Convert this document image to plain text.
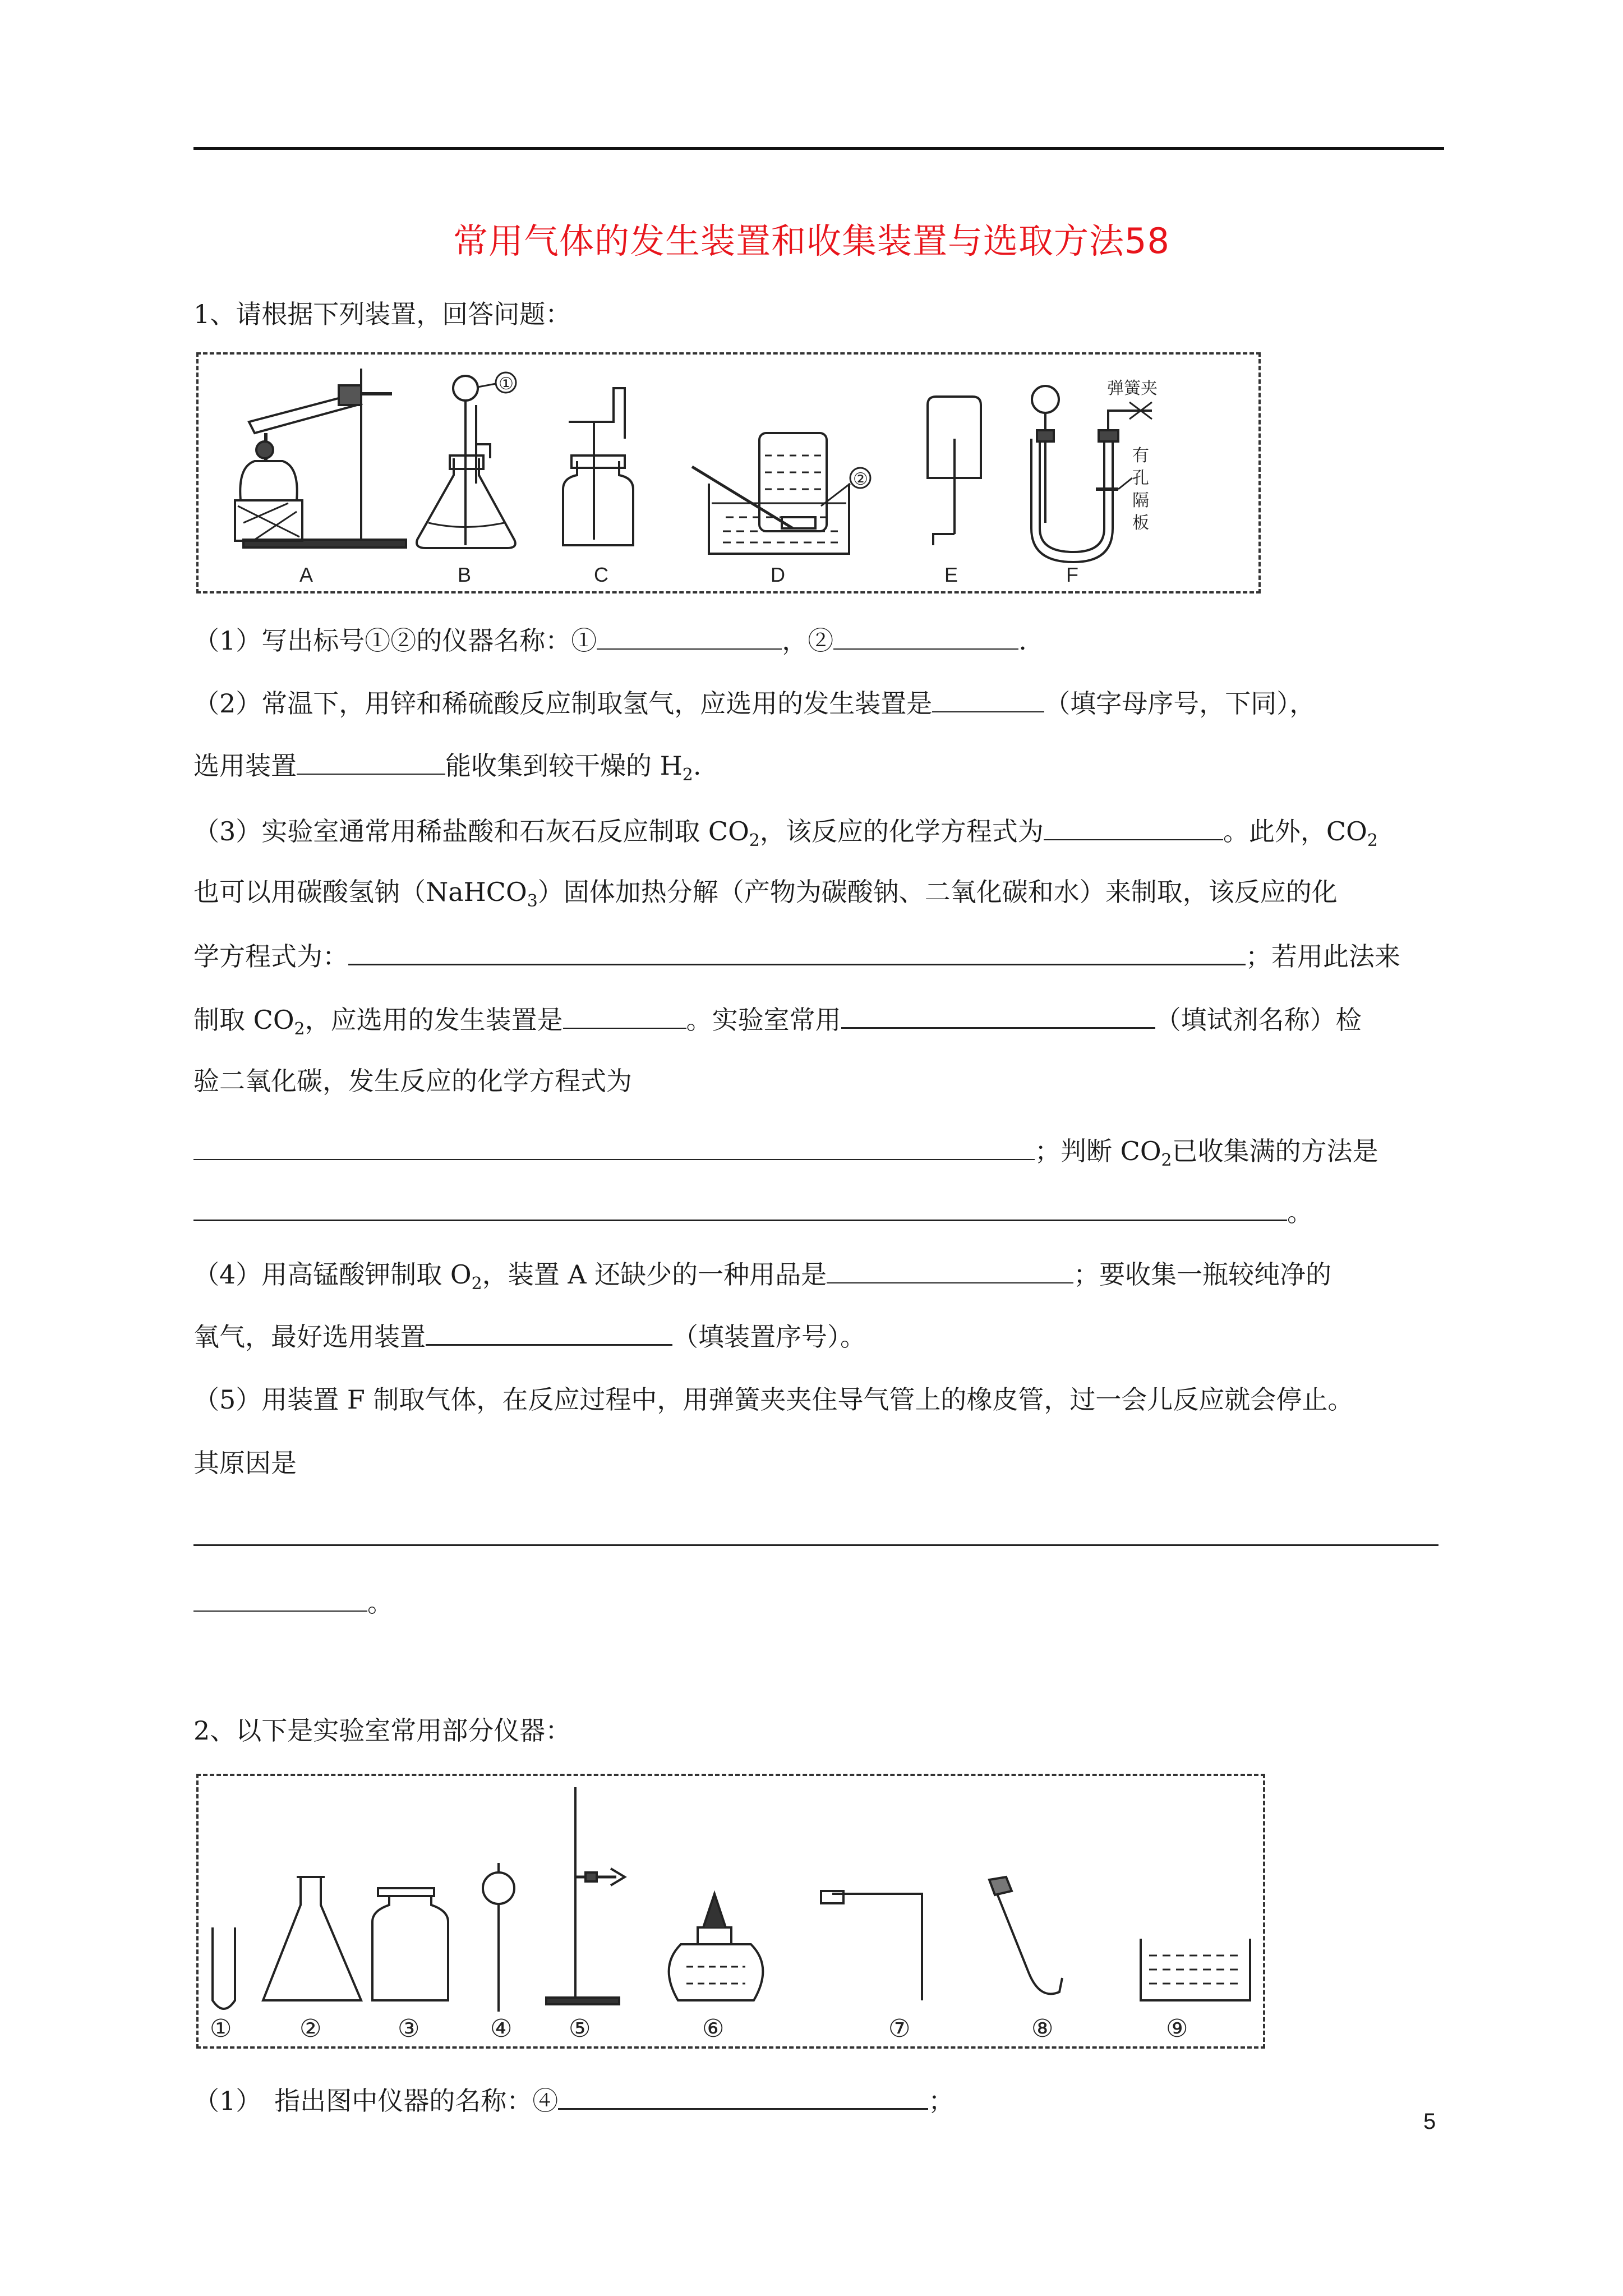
常用气体的发生装置和收集装置与选取方法58
1、请根据下列装置，回答问题：
①
②
弹簧夹
有孔隔板
A	B	C	D	E	F
（1）写出标号①②的仪器名称：①	，②	.
（2）常温下，用锌和稀硫酸反应制取氢气，应选用的发生装置是	（填字母序号，下同），
选用装置	能收集到较干燥的 $H_2$.
（3）实验室通常用稀盐酸和石灰石反应制取 $CO_2$，该反应的化学方程式为	。此外，$CO_2$
也可以用碳酸氢钠（NaHCO$_3$）固体加热分解（产物为碳酸钠、二氧化碳和水）来制取，该反应的化
学方程式为：	；若用此法来
制取 $CO_2$，应选用的发生装置是	。实验室常用	（填试剂名称）检
验二氧化碳，发生反应的化学方程式为
；判断 $CO_2$已收集满的方法是
。
（4）用高锰酸钾制取 $O_2$，装置 A 还缺少的一种用品是	；要收集一瓶较纯净的
氧气，最好选用装置	（填装置序号）。
（5）用装置 F 制取气体，在反应过程中，用弹簧夹夹住导气管上的橡皮管，过一会儿反应就会停止。
其原因是
。
2、以下是实验室常用部分仪器：
①	②	③	④ ⑤	⑥	⑦	⑧	⑨
（1）　指出图中仪器的名称：④	；
5
